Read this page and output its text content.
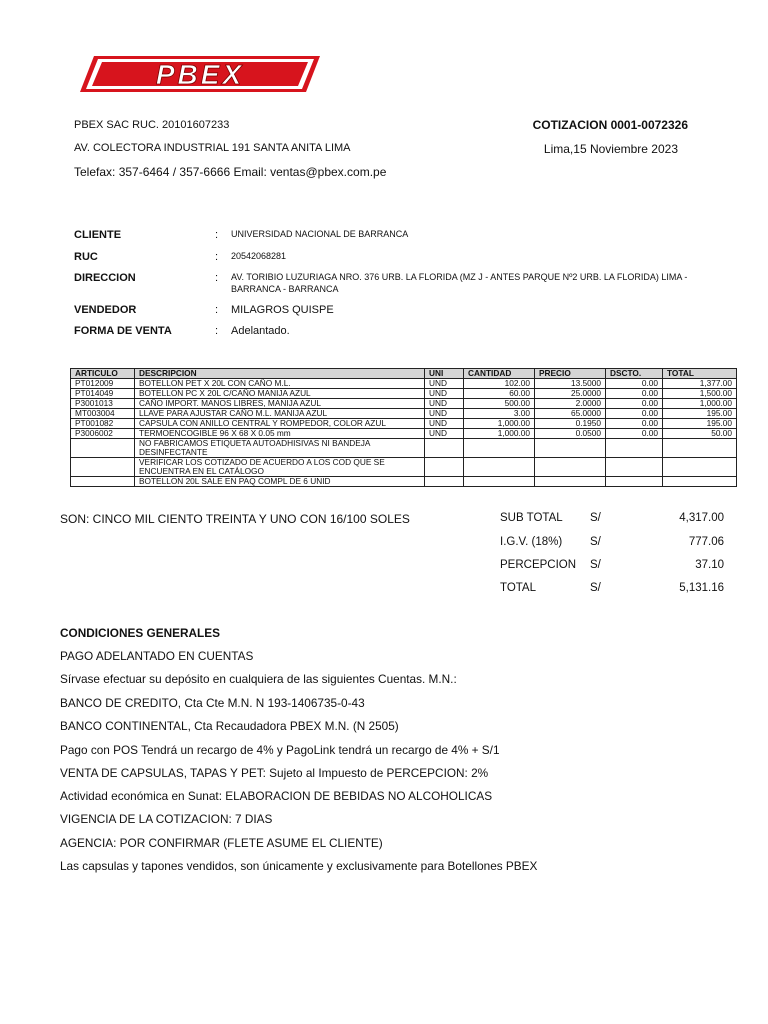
PBEX
PBEX SAC RUC. 20101607233
AV. COLECTORA INDUSTRIAL 191 SANTA ANITA LIMA
Telefax: 357-6464 / 357-6666 Email: ventas@pbex.com.pe
COTIZACION 0001-0072326
Lima,15 Noviembre 2023
CLIENTE	: UNIVERSIDAD NACIONAL DE BARRANCA
RUC	: 20542068281
DIRECCION	: AV. TORIBIO LUZURIAGA NRO. 376 URB. LA FLORIDA (MZ J - ANTES PARQUE Nº2 URB. LA FLORIDA) LIMA -
BARRANCA - BARRANCA
VENDEDOR	: MILAGROS QUISPE
FORMA DE VENTA	: Adelantado.
ARTICULO	DESCRIPCION	UNI	CANTIDAD	PRECIO	DSCTO.	TOTAL
PT012009	BOTELLON PET X 20L CON CAÑO M.L.	UND	102.00	13.5000	0.00	1,377.00
PT014049	BOTELLON PC X 20L C/CAÑO MANIJA AZUL	UND	60.00	25.0000	0.00	1,500.00
P3001013	CAÑO IMPORT. MANOS LIBRES, MANIJA AZUL	UND	500.00	2.0000	0.00	1,000.00
MT003004	LLAVE PARA AJUSTAR CAÑO M.L. MANIJA AZUL	UND	3.00	65.0000	0.00	195.00
PT001082	CAPSULA CON ANILLO CENTRAL Y ROMPEDOR, COLOR AZUL	UND	1,000.00	0.1950	0.00	195.00
P3006002	TERMOENCOGIBLE 96 X 68 X 0.05 mm	UND	1,000.00	0.0500	0.00	50.00
	NO FABRICAMOS ETIQUETA AUTOADHISIVAS NI BANDEJA
DESINFECTANTE					
	VERIFICAR LOS COTIZADO DE ACUERDO A LOS COD QUE SE
ENCUENTRA EN EL CATÁLOGO					
	BOTELLON 20L SALE EN PAQ COMPL DE 6 UNID					
SON: CINCO MIL CIENTO TREINTA Y UNO CON 16/100 SOLES	SUB TOTAL S/	4,317.00
I.G.V. (18%) S/	777.06
PERCEPCION S/	37.10
TOTAL	S/	5,131.16
CONDICIONES GENERALES
PAGO ADELANTADO EN CUENTAS
Sírvase efectuar su depósito en cualquiera de las siguientes Cuentas. M.N.:
BANCO DE CREDITO, Cta Cte M.N. N 193-1406735-0-43
BANCO CONTINENTAL, Cta Recaudadora PBEX M.N. (N 2505)
Pago con POS Tendrá un recargo de 4% y PagoLink tendrá un recargo de 4% + S/1
VENTA DE CAPSULAS, TAPAS Y PET: Sujeto al Impuesto de PERCEPCION: 2%
Actividad económica en Sunat: ELABORACION DE BEBIDAS NO ALCOHOLICAS
VIGENCIA DE LA COTIZACION: 7 DIAS
AGENCIA: POR CONFIRMAR (FLETE ASUME EL CLIENTE)
Las capsulas y tapones vendidos, son únicamente y exclusivamente para Botellones PBEX
